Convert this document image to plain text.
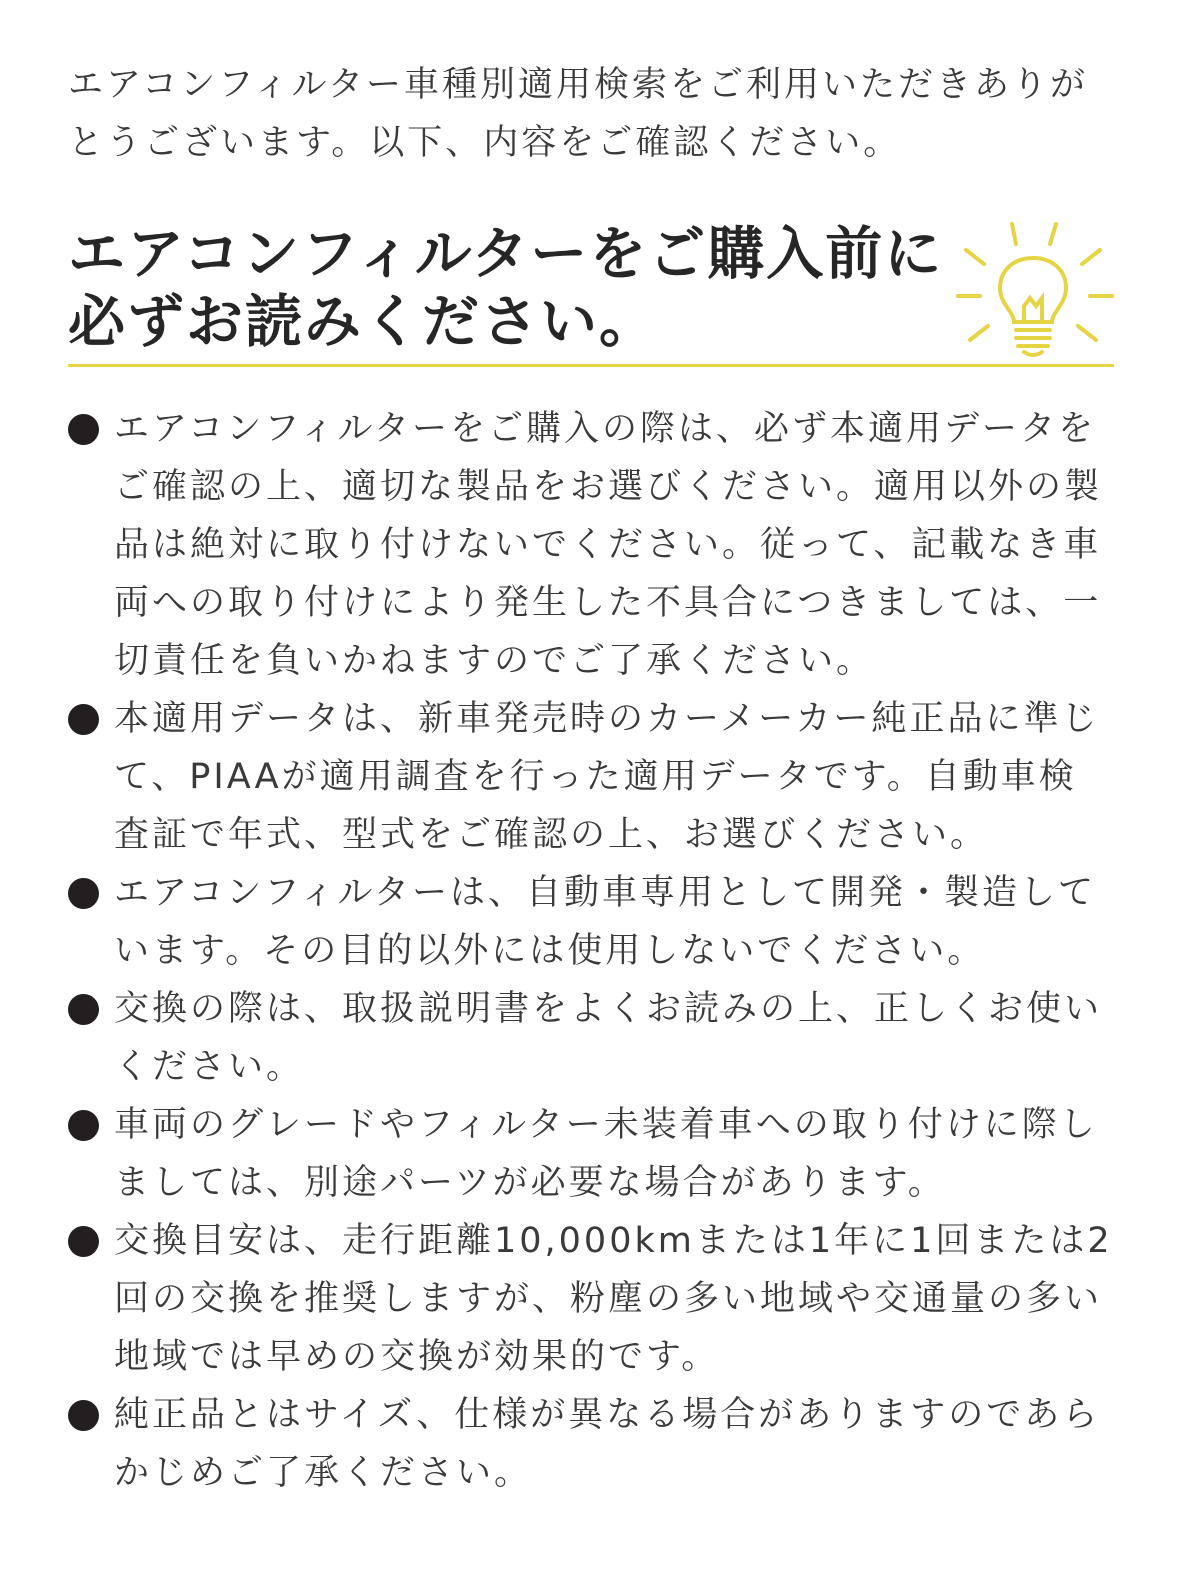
エアコンフィルター車種別適用検索をご利用いただきありがとうございます。以下、内容をご確認ください。

エアコンフィルターをご購入前に
必ずお読みください。
エアコンフィルターをご購入の際は、必ず本適用データをご確認の上、適切な製品をお選びください。適用以外の製品は絶対に取り付けないでください。従って、記載なき車両への取り付けにより発生した不具合につきましては、一切責任を負いかねますのでご了承ください。
本適用データは、新車発売時のカーメーカー純正品に準じて、PIAAが適用調査を行った適用データです。自動車検査証で年式、型式をご確認の上、お選びください。
エアコンフィルターは、自動車専用として開発・製造しています。その目的以外には使用しないでください。
交換の際は、取扱説明書をよくお読みの上、正しくお使いください。
車両のグレードやフィルター未装着車への取り付けに際しましては、別途パーツが必要な場合があります。
交換目安は、走行距離10,000kmまたは1年に1回または2回の交換を推奨しますが、粉塵の多い地域や交通量の多い地域では早めの交換が効果的です。
純正品とはサイズ、仕様が異なる場合がありますのであらかじめご了承ください。
